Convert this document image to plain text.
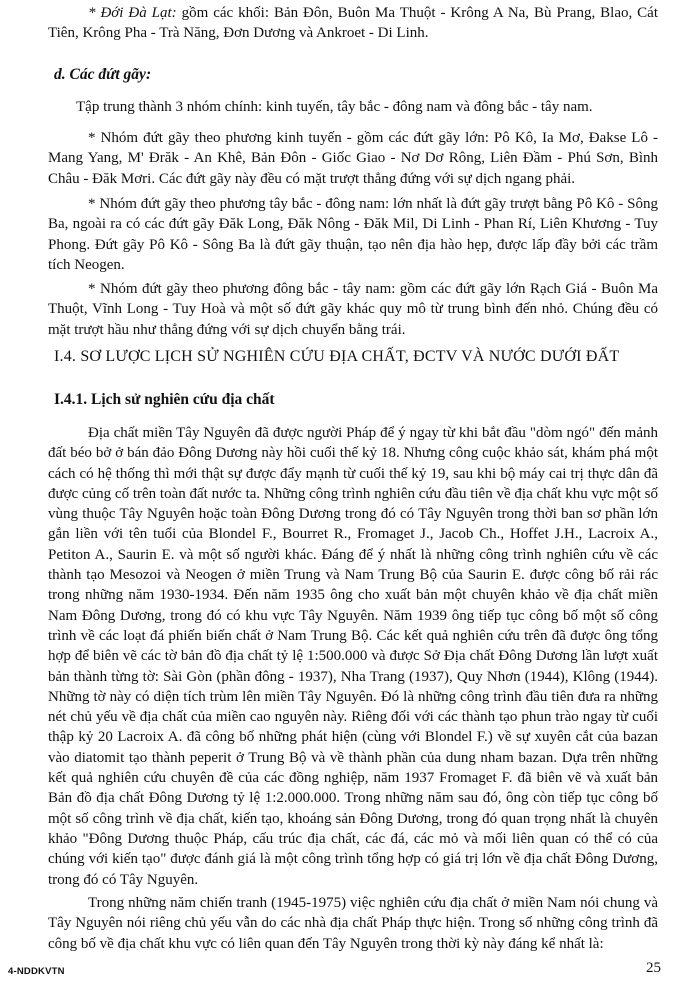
* Đới Đà Lạt: gồm các khối: Bản Đôn, Buôn Ma Thuột - Krông A Na, Bù Prang, Blao, Cát Tiên, Krông Pha - Trà Năng, Đơn Dương và Ankroet - Di Linh.

d. Các đứt gãy:

Tập trung thành 3 nhóm chính: kinh tuyến, tây bắc - đông nam và đông bắc - tây nam.

* Nhóm đứt gãy theo phương kinh tuyến - gồm các đứt gãy lớn: Pô Kô, Ia Mơ, Đakse Lô - Mang Yang, M' Đrăk - An Khê, Bản Đôn - Giốc Giao - Nơ Dơ Rông, Liên Đầm - Phú Sơn, Bình Châu - Đăk Mơri. Các đứt gãy này đều có mặt trượt thẳng đứng với sự dịch ngang phải.

* Nhóm đứt gãy theo phương tây bắc - đông nam: lớn nhất là đứt gãy trượt bằng Pô Kô - Sông Ba, ngoài ra có các đứt gãy Đăk Long, Đăk Nông - Đăk Mil, Di Linh - Phan Rí, Liên Khương - Tuy Phong. Đứt gãy Pô Kô - Sông Ba là đứt gãy thuận, tạo nên địa hào hẹp, được lấp đầy bởi các trầm tích Neogen.

* Nhóm đứt gãy theo phương đông bắc - tây nam: gồm các đứt gãy lớn Rạch Giá - Buôn Ma Thuột, Vĩnh Long - Tuy Hoà và một số đứt gãy khác quy mô từ trung bình đến nhỏ. Chúng đều có mặt trượt hầu như thẳng đứng với sự dịch chuyển bằng trái.

I.4. SƠ LƯỢC LỊCH SỬ NGHIÊN CỨU ĐỊA CHẤT, ĐCTV VÀ NƯỚC DƯỚI ĐẤT

I.4.1. Lịch sử nghiên cứu địa chất

Địa chất miền Tây Nguyên đã được người Pháp để ý ngay từ khi bắt đầu "dòm ngó" đến mảnh đất béo bở ở bán đảo Đông Dương này hồi cuối thế kỷ 18. Nhưng công cuộc khảo sát, khám phá một cách có hệ thống thì mới thật sự được đẩy mạnh từ cuối thế kỷ 19, sau khi bộ máy cai trị thực dân đã được củng cố trên toàn đất nước ta. Những công trình nghiên cứu đầu tiên về địa chất khu vực một số vùng thuộc Tây Nguyên hoặc toàn Đông Dương trong đó có Tây Nguyên trong thời ban sơ phần lớn gắn liền với tên tuổi của Blondel F., Bourret R., Fromaget J., Jacob Ch., Hoffet J.H., Lacroix A., Petiton A., Saurin E. và một số người khác. Đáng để ý nhất là những công trình nghiên cứu về các thành tạo Mesozoi và Neogen ở miền Trung và Nam Trung Bộ của Saurin E. được công bố rải rác trong những năm 1930-1934. Đến năm 1935 ông cho xuất bản một chuyên khảo về địa chất miền Nam Đông Dương, trong đó có khu vực Tây Nguyên. Năm 1939 ông tiếp tục công bố một số công trình về các loạt đá phiến biến chất ở Nam Trung Bộ. Các kết quả nghiên cứu trên đã được ông tổng hợp để biên vẽ các tờ bản đồ địa chất tỷ lệ 1:500.000 và được Sở Địa chất Đông Dương lần lượt xuất bản thành từng tờ: Sài Gòn (phần đông - 1937), Nha Trang (1937), Quy Nhơn (1944), Klông (1944). Những tờ này có diện tích trùm lên miền Tây Nguyên. Đó là những công trình đầu tiên đưa ra những nét chủ yếu về địa chất của miền cao nguyên này. Riêng đối với các thành tạo phun trào ngay từ cuối thập kỷ 20 Lacroix A. đã công bố những phát hiện (cùng với Blondel F.) về sự xuyên cắt của bazan vào diatomit tạo thành peperit ở Trung Bộ và về thành phần của dung nham bazan. Dựa trên những kết quả nghiên cứu chuyên đề của các đồng nghiệp, năm 1937 Fromaget F. đã biên vẽ và xuất bản Bản đồ địa chất Đông Dương tỷ lệ 1:2.000.000. Trong những năm sau đó, ông còn tiếp tục công bố một số công trình về địa chất, kiến tạo, khoáng sản Đông Dương, trong đó quan trọng nhất là chuyên khảo "Đông Dương thuộc Pháp, cấu trúc địa chất, các đá, các mỏ và mối liên quan có thể có của chúng với kiến tạo" được đánh giá là một công trình tổng hợp có giá trị lớn về địa chất Đông Dương, trong đó có Tây Nguyên.

Trong những năm chiến tranh (1945-1975) việc nghiên cứu địa chất ở miền Nam nói chung và Tây Nguyên nói riêng chủ yếu vẫn do các nhà địa chất Pháp thực hiện. Trong số những công trình đã công bố về địa chất khu vực có liên quan đến Tây Nguyên trong thời kỳ này đáng kể nhất là:

4-NDDKVTN	25
